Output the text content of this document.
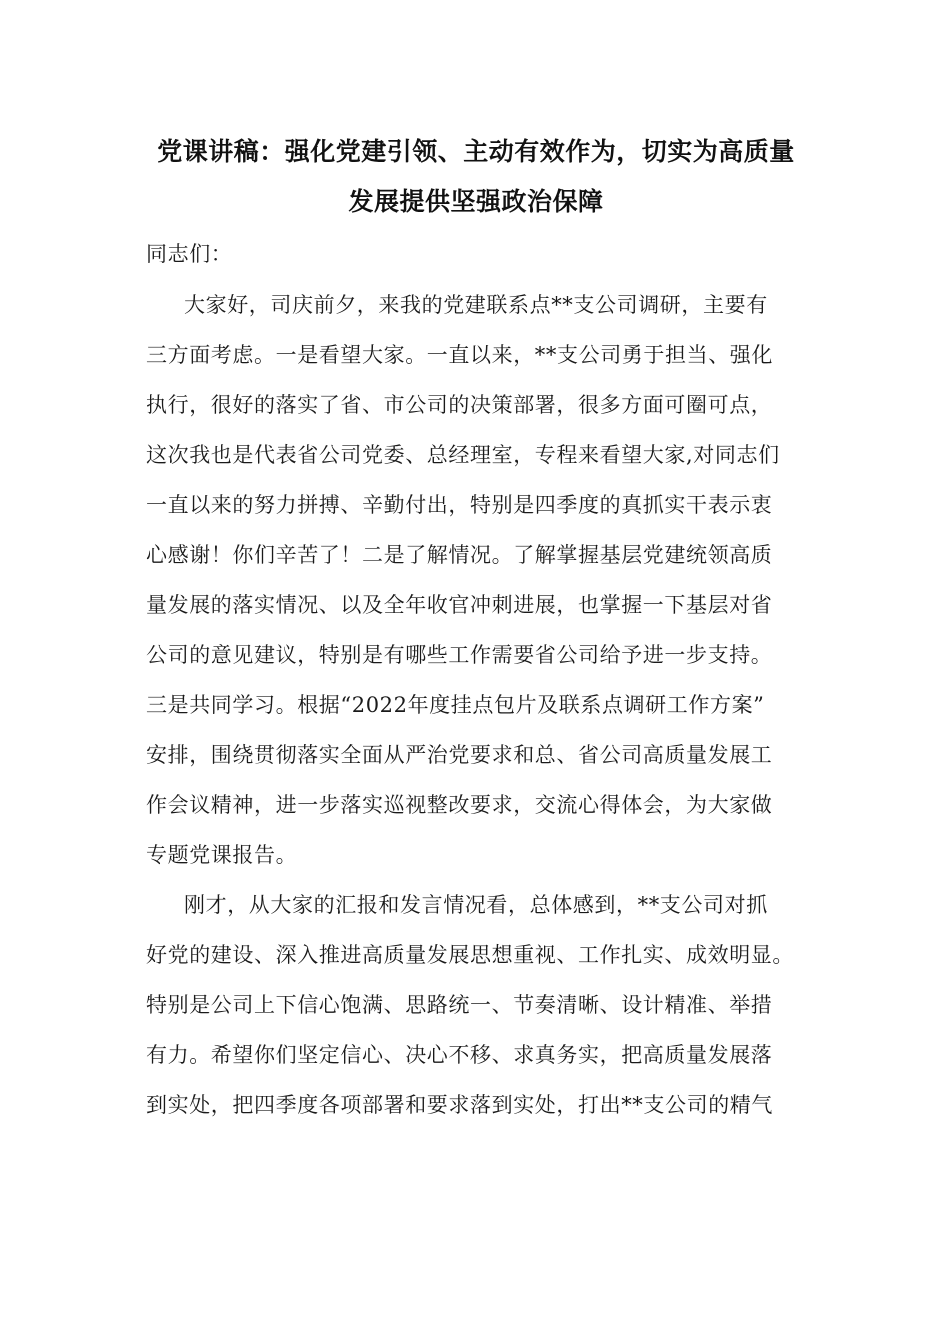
党课讲稿：强化党建引领、主动有效作为，切实为高质量
发展提供坚强政治保障
同志们：
大家好，司庆前夕，来我的党建联系点**支公司调研，主要有
三方面考虑。一是看望大家。一直以来，**支公司勇于担当、强化
执行，很好的落实了省、市公司的决策部署，很多方面可圈可点，
这次我也是代表省公司党委、总经理室，专程来看望大家,对同志们
一直以来的努力拼搏、辛勤付出，特别是四季度的真抓实干表示衷
心感谢！你们辛苦了！二是了解情况。了解掌握基层党建统领高质
量发展的落实情况、以及全年收官冲刺进展，也掌握一下基层对省
公司的意见建议，特别是有哪些工作需要省公司给予进一步支持。
三是共同学习。根据“2022年度挂点包片及联系点调研工作方案”
安排，围绕贯彻落实全面从严治党要求和总、省公司高质量发展工
作会议精神，进一步落实巡视整改要求，交流心得体会，为大家做
专题党课报告。
刚才，从大家的汇报和发言情况看，总体感到，**支公司对抓
好党的建设、深入推进高质量发展思想重视、工作扎实、成效明显。
特别是公司上下信心饱满、思路统一、节奏清晰、设计精准、举措
有力。希望你们坚定信心、决心不移、求真务实，把高质量发展落
到实处，把四季度各项部署和要求落到实处，打出**支公司的精气
